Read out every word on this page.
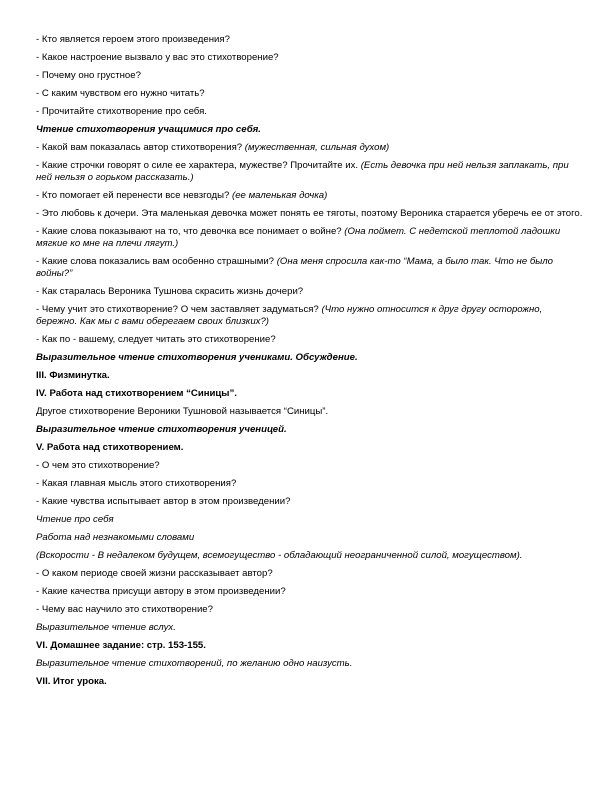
- Кто является героем этого произведения?

- Какое настроение вызвало у вас это стихотворение?

- Почему оно грустное?

- С каким чувством его нужно читать?

- Прочитайте стихотворение про себя.

Чтение стихотворения учащимися про себя.

- Какой вам показалась автор стихотворения? (мужественная, сильная духом)

- Какие строчки говорят о силе ее характера, мужестве? Прочитайте их. (Есть девочка при ней нельзя заплакать, при ней нельзя о горьком рассказать.)

- Кто помогает ей перенести все невзгоды? (ее маленькая дочка)

- Это любовь к дочери. Эта маленькая девочка может понять ее тяготы, поэтому Вероника старается уберечь ее от этого.

- Какие слова показывают на то, что девочка все понимает о войне? (Она поймет. С недетской теплотой ладошки мягкие ко мне на плечи лягут.)

- Какие слова показались вам особенно страшными? (Она меня спросила как-то “Мама, а было так. Что не было войны?”

- Как старалась Вероника Тушнова скрасить жизнь дочери?

- Чему учит это стихотворение? О чем заставляет задуматься? (Что нужно относится к друг другу осторожно, бережно. Как мы с вами оберегаем своих близких?)

- Как по - вашему, следует читать это стихотворение?

Выразительное чтение стихотворения учениками. Обсуждение.

III. Физминутка.

IV. Работа над стихотворением “Синицы”.

Другое стихотворение Вероники Тушновой называется “Синицы”.

Выразительное чтение стихотворения ученицей.

V. Работа над стихотворением.

- О чем это стихотворение?

- Какая главная мысль этого стихотворения?

- Какие чувства испытывает автор в этом произведении?

Чтение про себя

Работа над незнакомыми словами

(Вскорости - В недалеком будущем, всемогущество - обладающий неограниченной силой, могуществом).

- О каком периоде своей жизни рассказывает автор?

- Какие качества присущи автору в этом произведении?

- Чему вас научило это стихотворение?

Выразительное чтение вслух.

VI. Домашнее задание: стр. 153-155.

Выразительное чтение стихотворений, по желанию одно наизусть.

VII. Итог урока.
